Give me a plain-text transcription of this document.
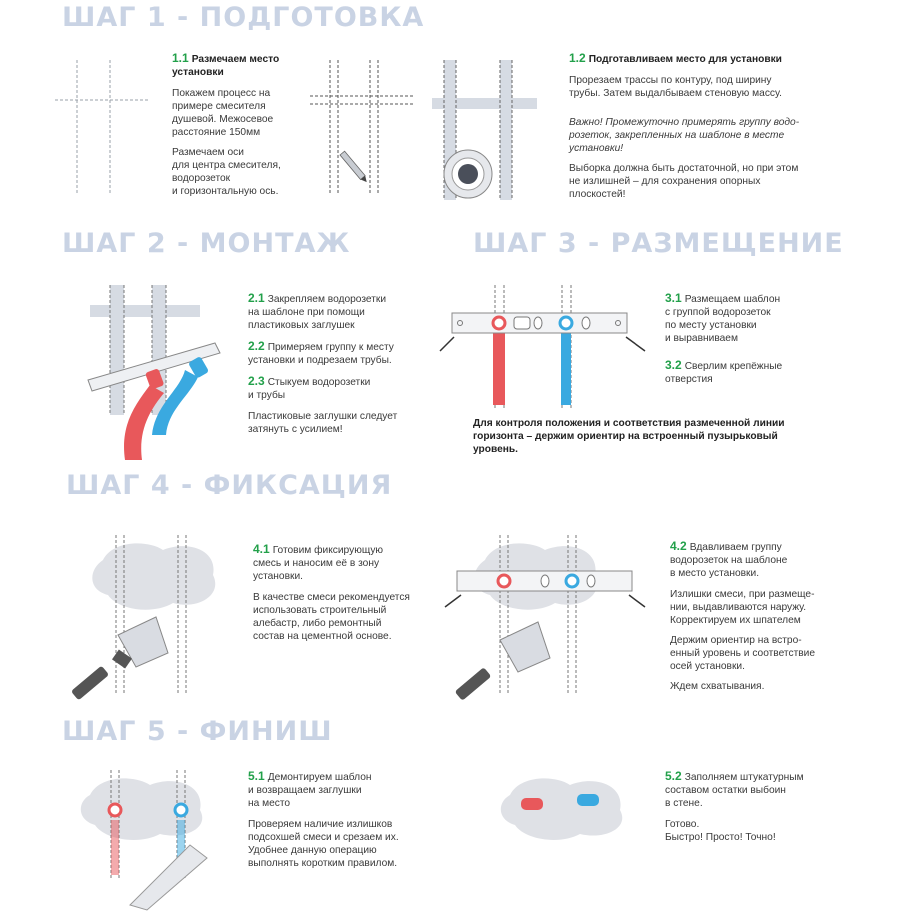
ШАГ 1 - ПОДГОТОВКА
ШАГ 2 - МОНТАЖ	ШАГ 3 - РАЗМЕЩЕНИЕ
ШАГ 4 - ФИКСАЦИЯ
ШАГ 5 - ФИНИШ
1.1 Размечаем место
установки

Покажем процесс на
примере смесителя
душевой. Межосевое
расстояние 150мм

Размечаем оси
для центра смесителя,
водорозеток
и горизонтальную ось.

1.2 Подготавливаем место для установки

Прорезаем трассы по контуру, под ширину
трубы. Затем выдалбываем стеновую массу.

Важно! Промежуточно примерять группу водо-
розеток, закрепленных на шаблоне в месте
установки!

Выборка должна быть достаточной, но при этом
не излишней – для сохранения опорных
плоскостей!

2.1 Закрепляем водорозетки
на шаблоне при помощи
пластиковых заглушек
2.2 Примеряем группу к месту
установки и подрезаем трубы.
2.3 Стыкуем водорозетки
и трубы

Пластиковые заглушки следует
затянуть с усилием!

3.1 Размещаем шаблон
с группой водорозеток
по месту установки
и выравниваем
3.2 Сверлим крепёжные
отверстия
Для контроля положения и соответствия размеченной линии
горизонта – держим ориентир на встроенный пузырьковый
уровень.
4.1 Готовим фиксирующую
смесь и наносим её в зону
установки.

В качестве смеси рекомендуется
использовать строительный
алебастр, либо ремонтный
состав на цементной основе.

4.2 Вдавливаем группу
водорозеток на шаблоне
в место установки.

Излишки смеси, при размеще-
нии, выдавливаются наружу.
Корректируем их шпателем

Держим ориентир на встро-
енный уровень и соответствие
осей установки.

Ждем схватывания.

5.1 Демонтируем шаблон
и возвращаем заглушки
на место

Проверяем наличие излишков
подсохшей смеси и срезаем их.
Удобнее данную операцию
выполнять коротким правилом.

5.2 Заполняем штукатурным
составом остатки выбоин
в стене.

Готово.
Быстро! Просто! Точно!
